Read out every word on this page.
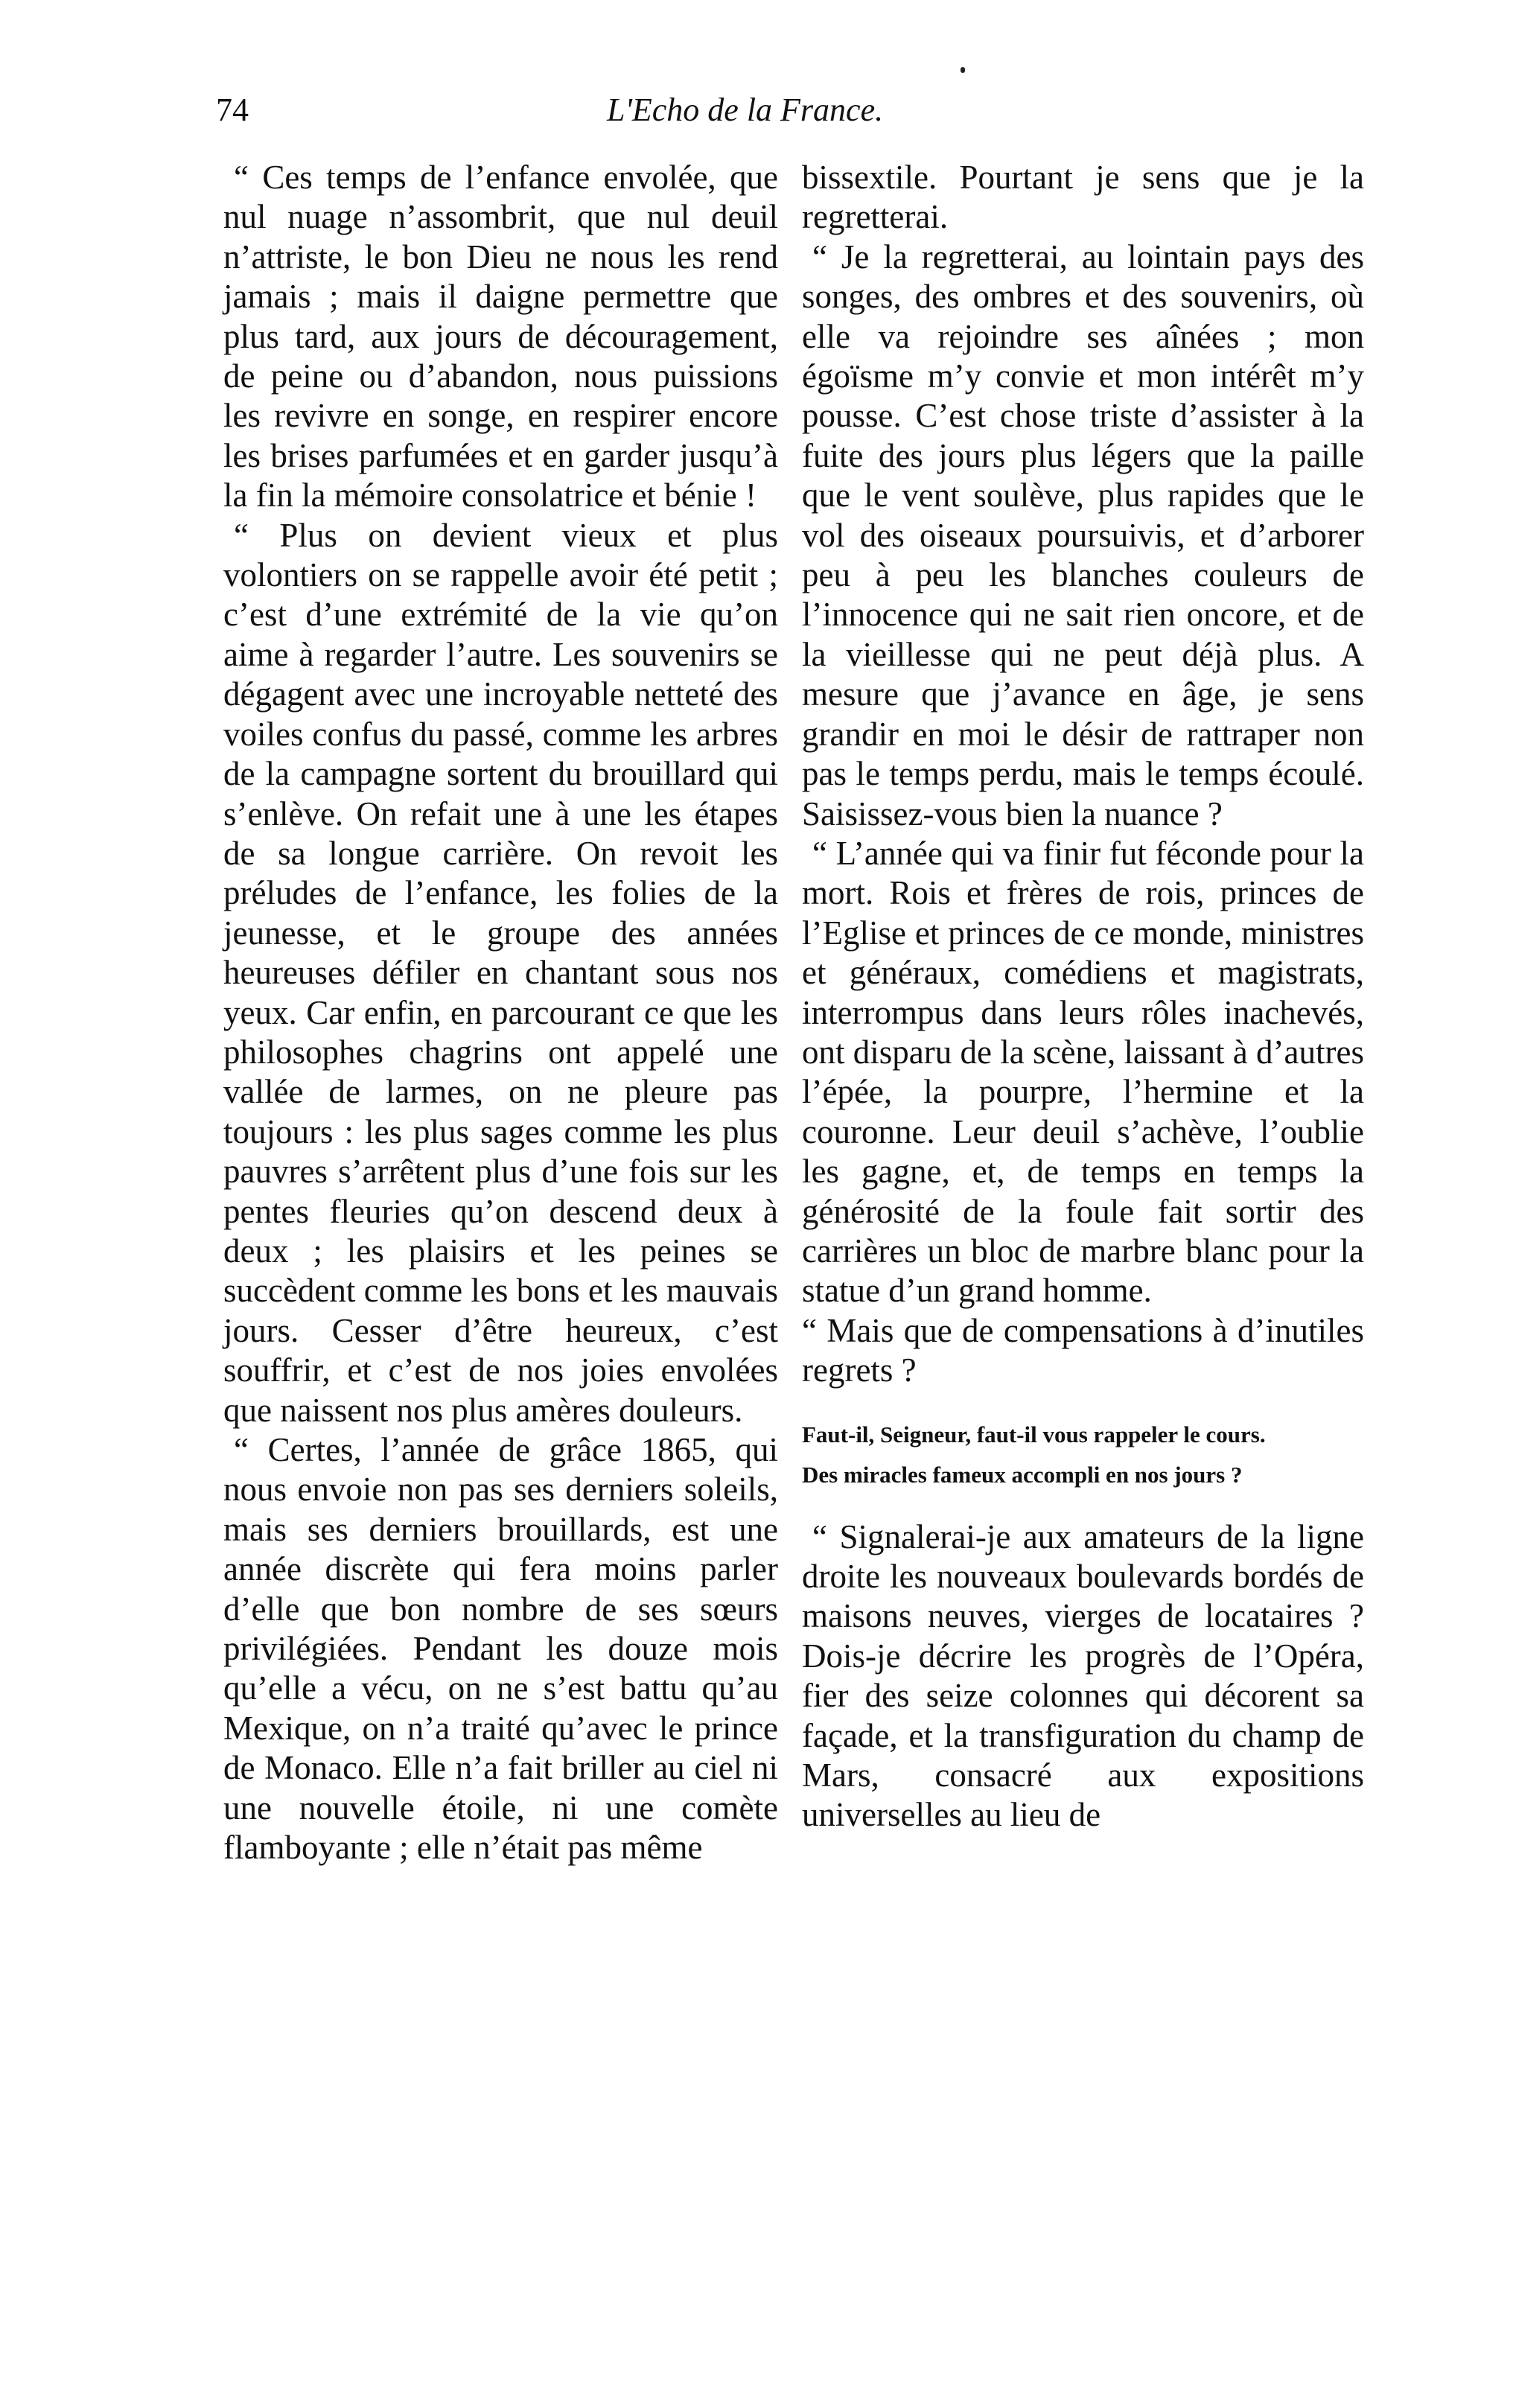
74	L'Echo de la France.

“ Ces temps de l’enfance envolée, que nul nuage n’assombrit, que nul deuil n’attriste, le bon Dieu ne nous les rend jamais ; mais il daigne permettre que plus tard, aux jours de découragement, de peine ou d’abandon, nous puissions les revivre en songe, en respirer encore les brises parfumées et en garder jusqu’à la fin la mémoire consolatrice et bénie !

“ Plus on devient vieux et plus volontiers on se rappelle avoir été petit ; c’est d’une extrémité de la vie qu’on aime à regarder l’autre. Les souvenirs se dégagent avec une incroyable netteté des voiles confus du passé, comme les arbres de la campagne sortent du brouillard qui s’enlève. On refait une à une les étapes de sa longue carrière. On revoit les préludes de l’enfance, les folies de la jeunesse, et le groupe des années heureuses défiler en chantant sous nos yeux. Car enfin, en parcourant ce que les philosophes chagrins ont appelé une vallée de larmes, on ne pleure pas toujours : les plus sages comme les plus pauvres s’arrêtent plus d’une fois sur les pentes fleuries qu’on descend deux à deux ; les plaisirs et les peines se succèdent comme les bons et les mauvais jours. Cesser d’être heureux, c’est souffrir, et c’est de nos joies envolées que naissent nos plus amères douleurs.

“ Certes, l’année de grâce 1865, qui nous envoie non pas ses derniers soleils, mais ses derniers brouillards, est une année discrète qui fera moins parler d’elle que bon nombre de ses sœurs privilégiées. Pendant les douze mois qu’elle a vécu, on ne s’est battu qu’au Mexique, on n’a traité qu’avec le prince de Monaco. Elle n’a fait briller au ciel ni une nouvelle étoile, ni une comète flamboyante ; elle n’était pas même

bissextile. Pourtant je sens que je la regretterai.

“ Je la regretterai, au lointain pays des songes, des ombres et des souvenirs, où elle va rejoindre ses aînées ; mon égoïsme m’y convie et mon intérêt m’y pousse. C’est chose triste d’assister à la fuite des jours plus légers que la paille que le vent soulève, plus rapides que le vol des oiseaux poursuivis, et d’arborer peu à peu les blanches couleurs de l’innocence qui ne sait rien oncore, et de la vieillesse qui ne peut déjà plus. A mesure que j’avance en âge, je sens grandir en moi le désir de rattraper non pas le temps perdu, mais le temps écoulé. Saisissez-vous bien la nuance ?

“ L’année qui va finir fut féconde pour la mort. Rois et frères de rois, princes de l’Eglise et princes de ce monde, ministres et généraux, comédiens et magistrats, interrompus dans leurs rôles inachevés, ont disparu de la scène, laissant à d’autres l’épée, la pourpre, l’hermine et la couronne. Leur deuil s’achève, l’oublie les gagne, et, de temps en temps la générosité de la foule fait sortir des carrières un bloc de marbre blanc pour la statue d’un grand homme.

“ Mais que de compensations à d’inutiles regrets ?

Faut-il, Seigneur, faut-il vous rappeler le cours.
Des miracles fameux accompli en nos jours ?

“ Signalerai-je aux amateurs de la ligne droite les nouveaux boulevards bordés de maisons neuves, vierges de locataires ? Dois-je décrire les progrès de l’Opéra, fier des seize colonnes qui décorent sa façade, et la transfiguration du champ de Mars, consacré aux expositions universelles au lieu de
